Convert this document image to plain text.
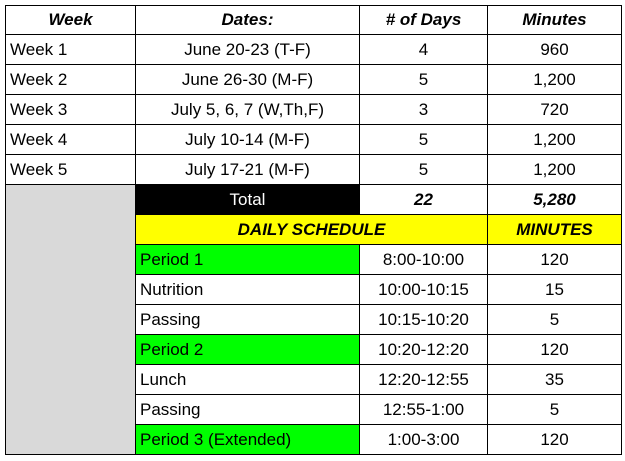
Week	Dates:	# of Days	Minutes
Week 1	June 20-23 (T-F)	4	960
Week 2	June 26-30 (M-F)	5	1,200
Week 3	July 5, 6, 7 (W,Th,F)	3	720
Week 4	July 10-14 (M-F)	5	1,200
Week 5	July 17-21 (M-F)	5	1,200
	Total	22	5,280
	DAILY SCHEDULE		MINUTES
	Period 1	8:00-10:00	120
	Nutrition	10:00-10:15	15
	Passing	10:15-10:20	5
	Period 2	10:20-12:20	120
	Lunch	12:20-12:55	35
	Passing	12:55-1:00	5
	Period 3 (Extended)	1:00-3:00	120
